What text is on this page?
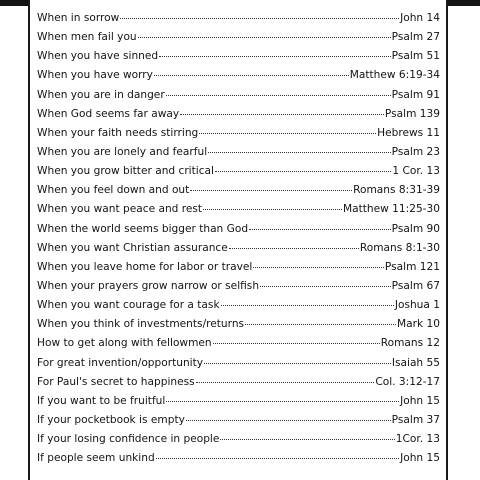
When in sorrow	John 14
When men fail you	Psalm 27
When you have sinned	Psalm 51
When you have worry	Matthew 6:19-34
When you are in danger	Psalm 91
When God seems far away	Psalm 139
When your faith needs stirring	Hebrews 11
When you are lonely and fearful	Psalm 23
When you grow bitter and critical	1 Cor. 13
When you feel down and out	Romans 8:31-39
When you want peace and rest	Matthew 11:25-30
When the world seems bigger than God	Psalm 90
When you want Christian assurance	Romans 8:1-30
When you leave home for labor or travel	Psalm 121
When your prayers grow narrow or selfish	Psalm 67
When you want courage for a task	Joshua 1
When you think of investments/returns	Mark 10
How to get along with fellowmen	Romans 12
For great invention/opportunity	Isaiah 55
For Paul's secret to happiness	Col. 3:12-17
If you want to be fruitful	John 15
If your pocketbook is empty	Psalm 37
If your losing confidence in people	1Cor. 13
If people seem unkind	John 15
